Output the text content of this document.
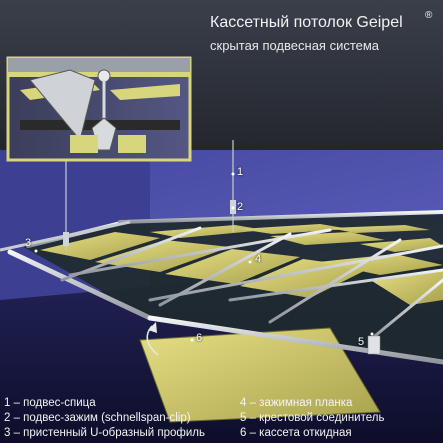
Кассетный потолок Geipel ®
скрытая подвесная система
1
2
3
4
5
6
1 – подвес-спица
2 – подвес-зажим (schnellspan-clip)
3 – пристенный U-образный профиль
4 – зажимная планка
5 – крестовой соединитель
6 – кассета откидная
